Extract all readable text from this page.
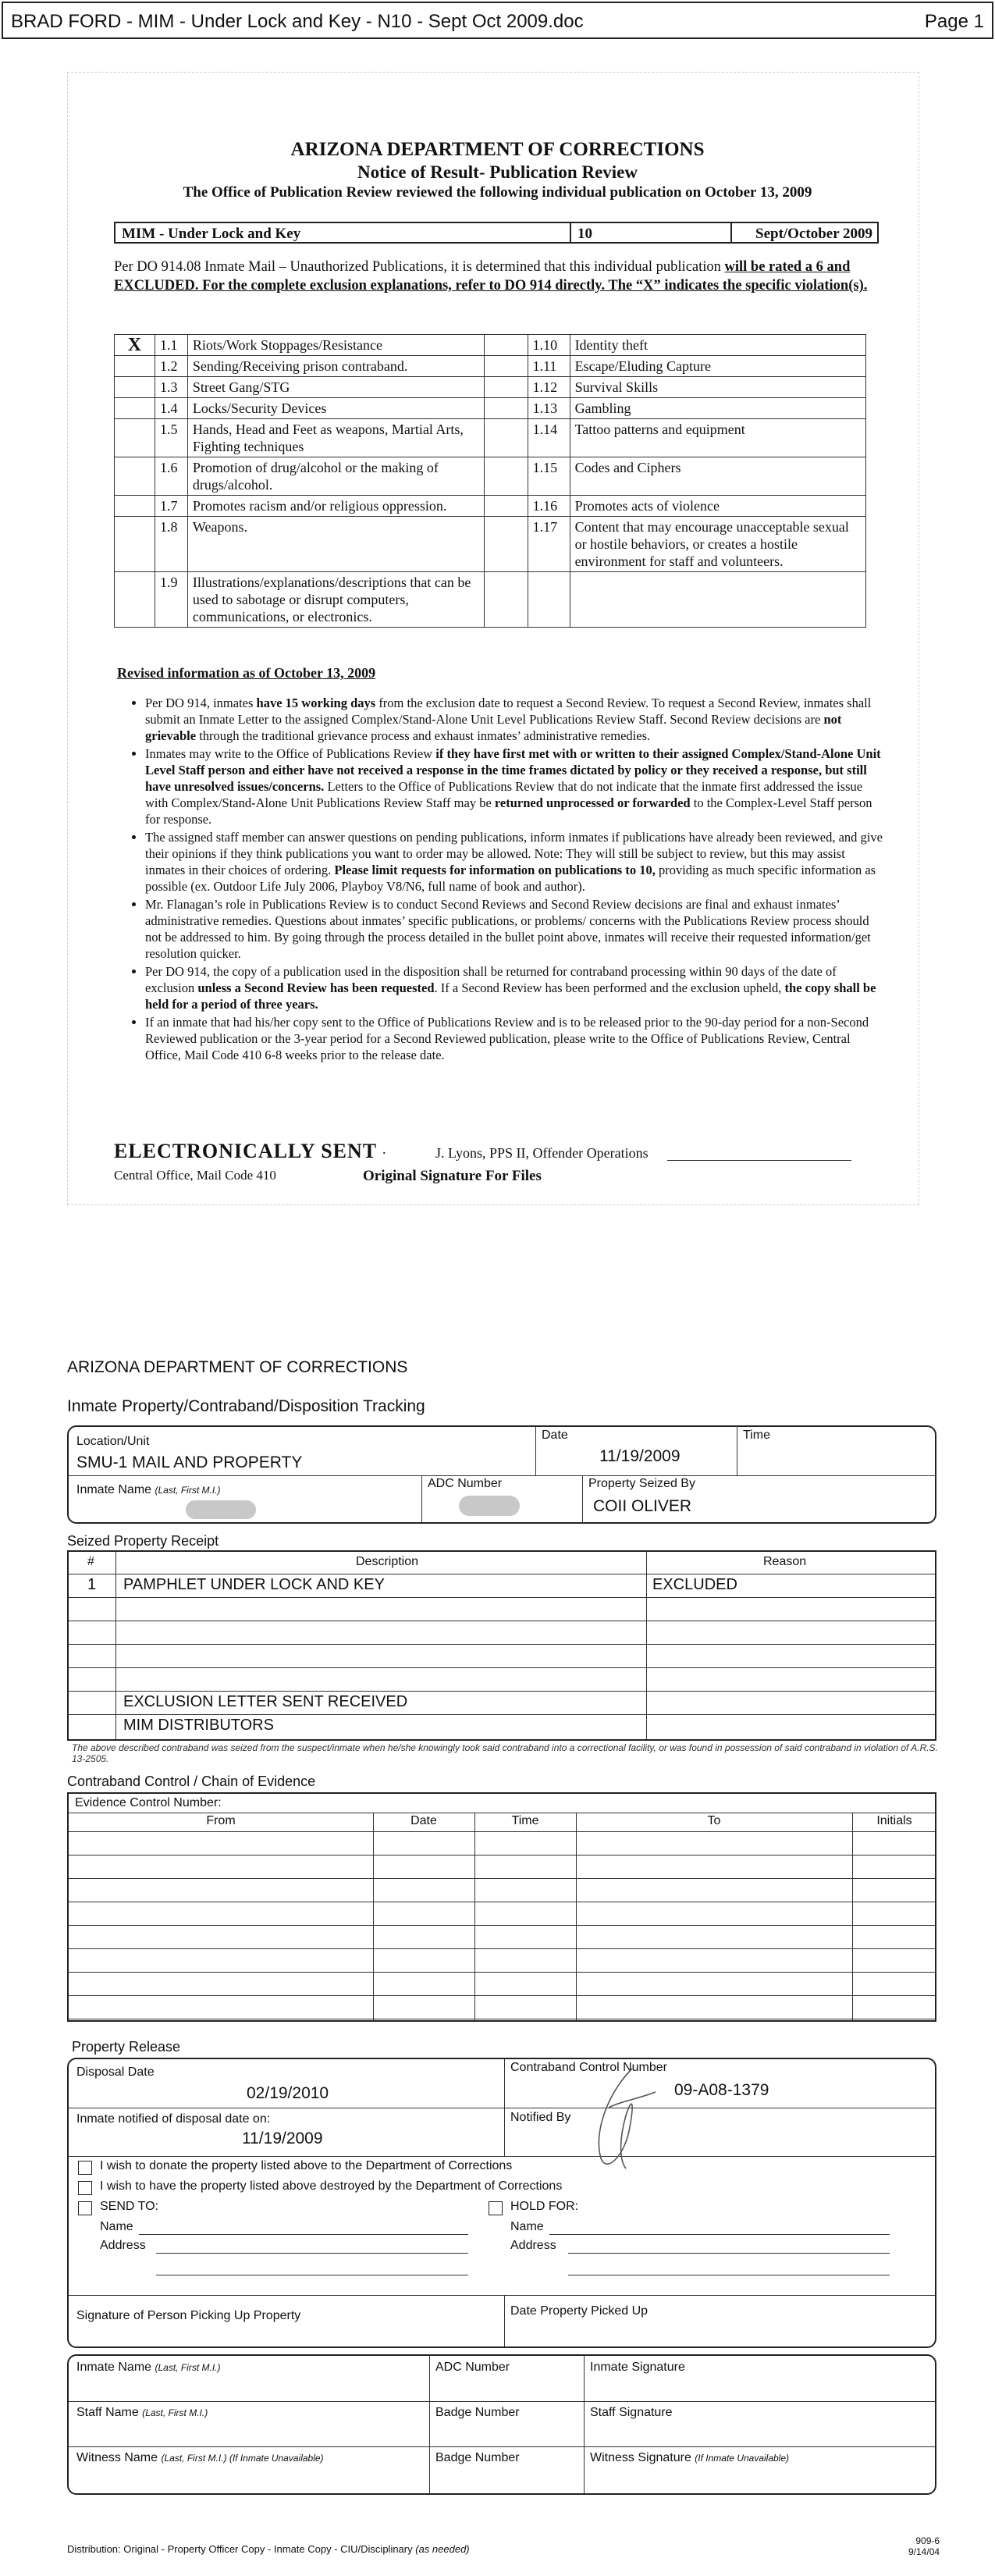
BRAD FORD - MIM - Under Lock and Key - N10 - Sept Oct 2009.doc	Page 1
ARIZONA DEPARTMENT OF CORRECTIONS
Notice of Result- Publication Review
The Office of Publication Review reviewed the following individual publication on October 13, 2009
MIM - Under Lock and Key	10	Sept/October 2009
Per DO 914.08 Inmate Mail – Unauthorized Publications, it is determined that this individual publication will be rated a 6 and EXCLUDED. For the complete exclusion explanations, refer to DO 914 directly. The “X” indicates the specific violation(s).
X	1.1	Riots/Work Stoppages/Resistance		1.10	Identity theft
	1.2	Sending/Receiving prison contraband.		1.11	Escape/Eluding Capture
	1.3	Street Gang/STG		1.12	Survival Skills
	1.4	Locks/Security Devices		1.13	Gambling
	1.5	Hands, Head and Feet as weapons, Martial Arts, Fighting techniques		1.14	Tattoo patterns and equipment
	1.6	Promotion of drug/alcohol or the making of drugs/alcohol.		1.15	Codes and Ciphers
	1.7	Promotes racism and/or religious oppression.		1.16	Promotes acts of violence
	1.8	Weapons.		1.17	Content that may encourage unacceptable sexual or hostile behaviors, or creates a hostile environment for staff and volunteers.
	1.9	Illustrations/explanations/descriptions that can be used to sabotage or disrupt computers, communications, or electronics.			
Revised information as of October 13, 2009
• Per DO 914, inmates have 15 working days from the exclusion date to request a Second Review. To request a Second Review, inmates shall submit an Inmate Letter to the assigned Complex/Stand-Alone Unit Level Publications Review Staff. Second Review decisions are not grievable through the traditional grievance process and exhaust inmates’ administrative remedies.
• Inmates may write to the Office of Publications Review if they have first met with or written to their assigned Complex/Stand-Alone Unit Level Staff person and either have not received a response in the time frames dictated by policy or they received a response, but still have unresolved issues/concerns. Letters to the Office of Publications Review that do not indicate that the inmate first addressed the issue with Complex/Stand-Alone Unit Publications Review Staff may be returned unprocessed or forwarded to the Complex-Level Staff person for response.
• The assigned staff member can answer questions on pending publications, inform inmates if publications have already been reviewed, and give their opinions if they think publications you want to order may be allowed. Note: They will still be subject to review, but this may assist inmates in their choices of ordering. Please limit requests for information on publications to 10, providing as much specific information as possible (ex. Outdoor Life July 2006, Playboy V8/N6, full name of book and author).
• Mr. Flanagan’s role in Publications Review is to conduct Second Reviews and Second Review decisions are final and exhaust inmates’ administrative remedies. Questions about inmates’ specific publications, or problems/ concerns with the Publications Review process should not be addressed to him. By going through the process detailed in the bullet point above, inmates will receive their requested information/get resolution quicker.
• Per DO 914, the copy of a publication used in the disposition shall be returned for contraband processing within 90 days of the date of exclusion unless a Second Review has been requested. If a Second Review has been performed and the exclusion upheld, the copy shall be held for a period of three years.
• If an inmate that had his/her copy sent to the Office of Publications Review and is to be released prior to the 90-day period for a non-Second Reviewed publication or the 3-year period for a Second Reviewed publication, please write to the Office of Publications Review, Central Office, Mail Code 410 6-8 weeks prior to the release date.
ELECTRONICALLY SENT .	J. Lyons, PPS II, Offender Operations
Central Office, Mail Code 410	Original Signature For Files
ARIZONA DEPARTMENT OF CORRECTIONS
Inmate Property/Contraband/Disposition Tracking
Location/Unit
SMU-1 MAIL AND PROPERTY
Date
11/19/2009
Time
Inmate Name (Last, First M.I.)	ADC Number	Property Seized By
COII OLIVER
Seized Property Receipt
#	Description	Reason
1 PAMPHLET UNDER LOCK AND KEY	EXCLUDED
EXCLUSION LETTER SENT RECEIVED
MIM DISTRIBUTORS
The above described contraband was seized from the suspect/inmate when he/she knowingly took said contraband into a correctional facility, or was found in possession of said contraband in violation of A.R.S. 13-2505.
Contraband Control / Chain of Evidence
Evidence Control Number:
From	Date	Time	To	Initials
Property Release
Disposal Date
02/19/2010
Contraband Control Number
09-A08-1379
Inmate notified of disposal date on:
11/19/2009
Notified By
I wish to donate the property listed above to the Department of Corrections
I wish to have the property listed above destroyed by the Department of Corrections
SEND TO:	HOLD FOR:
Name
Address
Name
Address
Signature of Person Picking Up Property	Date Property Picked Up
Inmate Name (Last, First M.I.)	ADC Number	Inmate Signature
Staff Name (Last, First M.I.)	Badge Number	Staff Signature
Witness Name (Last, First M.I.) (If Inmate Unavailable)	Badge Number	Witness Signature (If Inmate Unavailable)
Distribution: Original - Property Officer Copy - Inmate Copy - CIU/Disciplinary (as needed)
909-6
9/14/04
